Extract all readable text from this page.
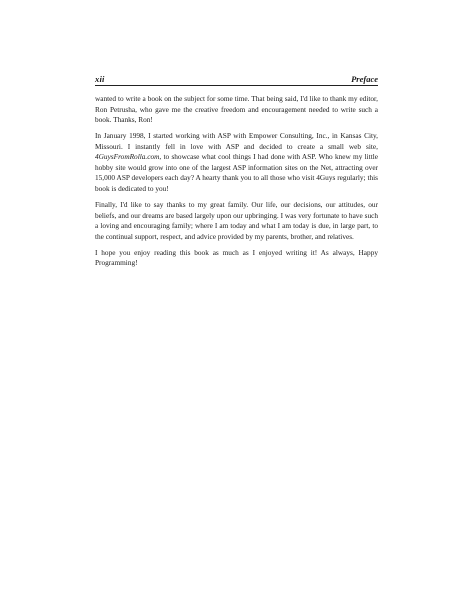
xii	Preface

wanted to write a book on the subject for some time. That being said, I'd like to thank my editor, Ron Petrusha, who gave me the creative freedom and encouragement needed to write such a book. Thanks, Ron!

In January 1998, I started working with ASP with Empower Consulting, Inc., in Kansas City, Missouri. I instantly fell in love with ASP and decided to create a small web site, 4GuysFromRolla.com, to showcase what cool things I had done with ASP. Who knew my little hobby site would grow into one of the largest ASP information sites on the Net, attracting over 15,000 ASP developers each day? A hearty thank you to all those who visit 4Guys regularly; this book is dedicated to you!

Finally, I'd like to say thanks to my great family. Our life, our decisions, our attitudes, our beliefs, and our dreams are based largely upon our upbringing. I was very fortunate to have such a loving and encouraging family; where I am today and what I am today is due, in large part, to the continual support, respect, and advice provided by my parents, brother, and relatives.

I hope you enjoy reading this book as much as I enjoyed writing it! As always, Happy Programming!
